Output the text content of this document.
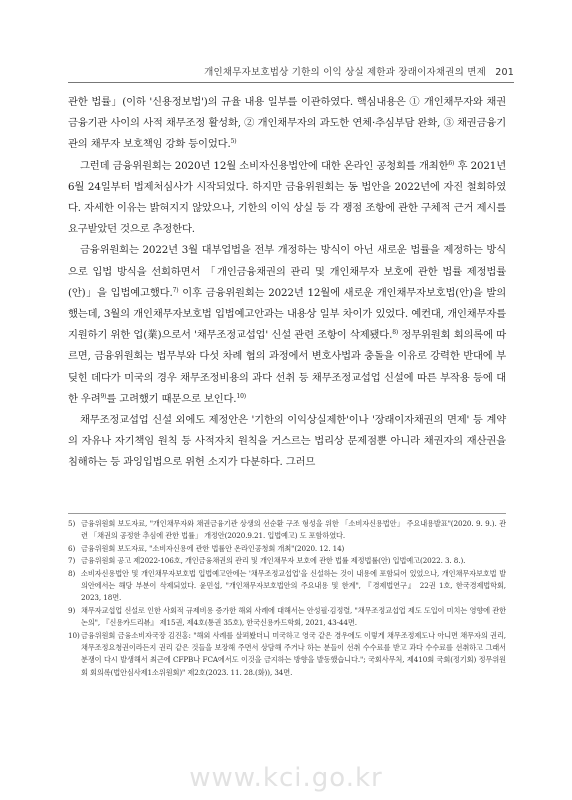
개인채무자보호법상 기한의 이익 상실 제한과 장래이자채권의 면제 201

관한 법률」(이하 '신용정보법')의 규율 내용 일부를 이관하였다. 핵심내용은 ① 개인채무자와 채권금융기관 사이의 사적 채무조정 활성화, ② 개인채무자의 과도한 연체·추심부담 완화, ③ 채권금융기관의 채무자 보호책임 강화 등이었다.$^{5)}$

그런데 금융위원회는 2020년 12월 소비자신용법안에 대한 온라인 공청회를 개최한$^{6)}$ 후 2021년 6월 24일부터 법제처심사가 시작되었다. 하지만 금융위원회는 동 법안을 2022년에 자진 철회하였다. 자세한 이유는 밝혀지지 않았으나, 기한의 이익 상실 등 각 쟁점 조항에 관한 구체적 근거 제시를 요구받았던 것으로 추정한다.

금융위원회는 2022년 3월 대부업법을 전부 개정하는 방식이 아닌 새로운 법률을 제정하는 방식으로 입법 방식을 선회하면서 「개인금융채권의 관리 및 개인채무자 보호에 관한 법률 제정법률(안)」을 입법예고했다.$^{7)}$ 이후 금융위원회는 2022년 12월에 새로운 개인채무자보호법(안)을 발의했는데, 3월의 개인채무자보호법 입법예고안과는 내용상 일부 차이가 있었다. 예컨대, 개인채무자를 지원하기 위한 업(業)으로서 '채무조정교섭업' 신설 관련 조항이 삭제됐다.$^{8)}$ 정무위원회 회의록에 따르면, 금융위원회는 법무부와 다섯 차례 협의 과정에서 변호사법과 충돌을 이유로 강력한 반대에 부딪힌 데다가 미국의 경우 채무조정비용의 과다 선취 등 채무조정교섭업 신설에 따른 부작용 등에 대한 우려$^{9)}$를 고려했기 때문으로 보인다.$^{10)}$

채무조정교섭업 신설 외에도 제정안은 '기한의 이익상실제한'이나 '장래이자채권의 면제' 등 계약의 자유나 자기책임 원칙 등 사적자치 원칙을 거스르는 법리상 문제점뿐 아니라 채권자의 재산권을 침해하는 등 과잉입법으로 위헌 소지가 다분하다. 그러므

5) 금융위원회 보도자료, "개인채무자와 채권금융기관 상생의 선순환 구조 형성을 위한 「소비자신용법안」 주요내용발표"(2020. 9. 9.). 관련 「채권의 공정한 추심에 관한 법률」 개정안(2020.9.21. 입법예고) 도 포함하였다.
6) 금융위원회 보도자료, "소비자신용에 관한 법률안 온라인공청회 개최"(2020. 12. 14)
7) 금융위원회 공고 제2022-106호, 개인금융채권의 관리 및 개인채무자 보호에 관한 법률 제정법률(안) 입법예고(2022. 3. 8.).
8) 소비자신용법안 및 개인채무자보호법 입법예고안에는 '채무조정교섭업'을 신설하는 것이 내용에 포함되어 있었으나, 개인채무자보호법 발의안에서는 해당 부분이 삭제되었다. 윤민섭, "개인채무자보호법안의 주요내용 및 한계", 『경제법연구』 22권 1호, 한국경제법학회, 2023, 18면.
9) 채무자교섭업 신설로 인한 사회적 규제비용 증가한 해외 사례에 대해서는 안성필·김정렬, "채무조정교섭업 제도 도입이 미치는 영향에 관한 논의", 『신용카드리뷰』 제15권, 제4호(통권 35호), 한국신용카드학회, 2021, 43-44면.
10) 금융위원회 금융소비자국장 김진홍: "해외 사례를 살펴봤더니 미국하고 영국 같은 경우에도 이렇게 채무조정제도나 아니면 채무자의 권리, 채무조정요청권이라든지 권리 같은 것들을 보장해 주면서 상담해 주거나 하는 분들이 선취 수수료를 받고 과다 수수료를 선취하고 그래서 분쟁이 다시 발생해서 최근에 CFPB나 FCA에서도 이것을 금지하는 방향을 발동했습니다."; 국회사무처, 제410회 국회(정기회) 정무위원회 회의록(법안심사제1소위원회)" 제2호(2023. 11. 28.(화)), 34면.
www.kci.go.kr
